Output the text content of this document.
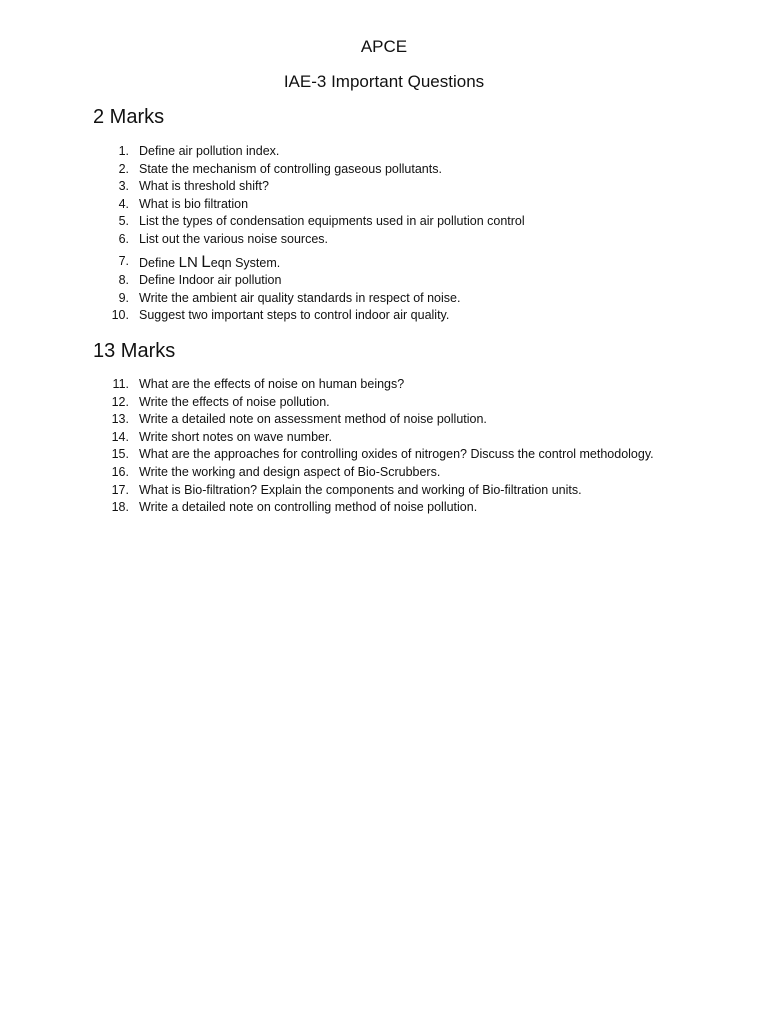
APCE
IAE-3 Important Questions
2 Marks
1. Define air pollution index.
2. State the mechanism of controlling gaseous pollutants.
3. What is threshold shift?
4. What is bio filtration
5. List the types of condensation equipments used in air pollution control
6. List out the various noise sources.
7. Define LN Leqn System.
8. Define Indoor air pollution
9. Write the ambient air quality standards in respect of noise.
10. Suggest two important steps to control indoor air quality.
13 Marks
11. What are the effects of noise on human beings?
12. Write the effects of noise pollution.
13. Write a detailed note on assessment method of noise pollution.
14. Write short notes on wave number.
15. What are the approaches for controlling oxides of nitrogen? Discuss the control methodology.
16. Write the working and design aspect of Bio-Scrubbers.
17. What is Bio-filtration? Explain the components and working of Bio-filtration units.
18. Write a detailed note on controlling method of noise pollution.
